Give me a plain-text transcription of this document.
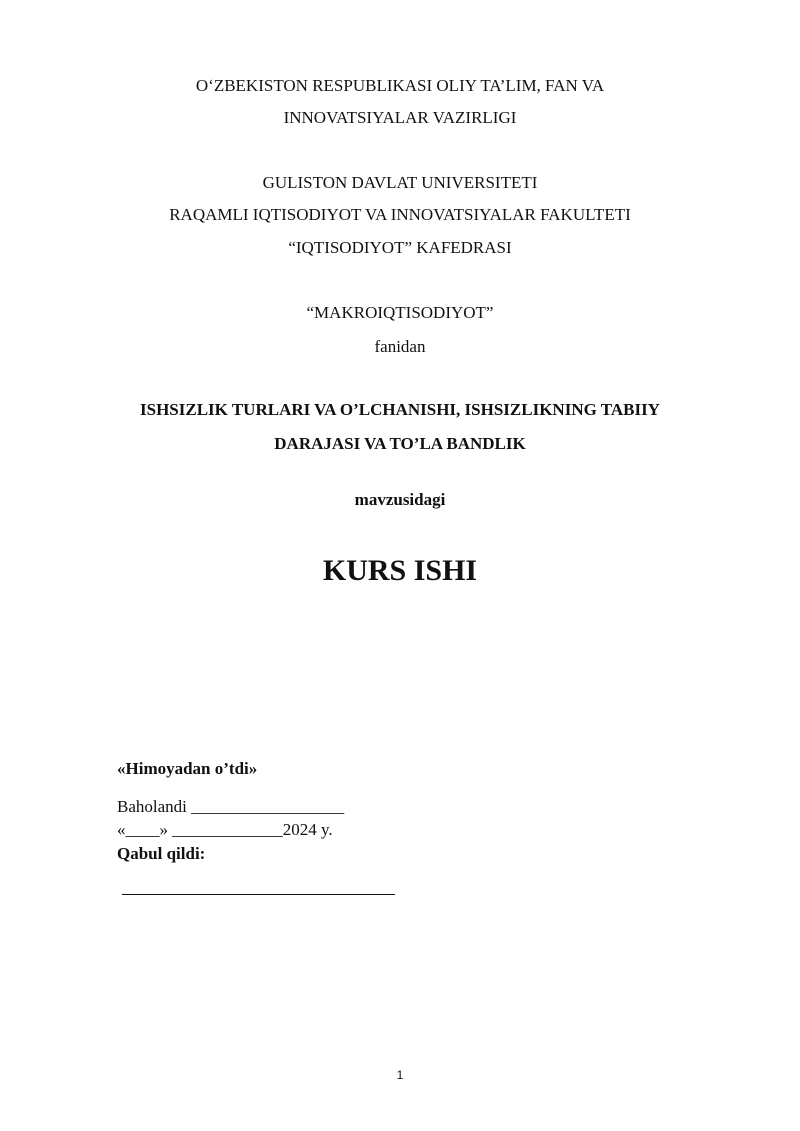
O‘ZBEKISTON RESPUBLIKASI OLIY TA’LIM, FAN VA
INNOVATSIYALAR VAZIRLIGI
GULISTON DAVLAT UNIVERSITETI
RAQAMLI IQTISODIYOT VA INNOVATSIYALAR FAKULTETI
“IQTISODIYOT” KAFEDRASI
“MAKROIQTISODIYOT”
fanidan
ISHSIZLIK TURLARI VA O’LCHANISHI, ISHSIZLIKNING TABIIY
DARAJASI VA TO’LA BANDLIK
mavzusidagi
KURS ISHI
«Himoyadan o’tdi»
Baholandi __________________
«____» _____________2024 y.
Qabul qildi:
1
